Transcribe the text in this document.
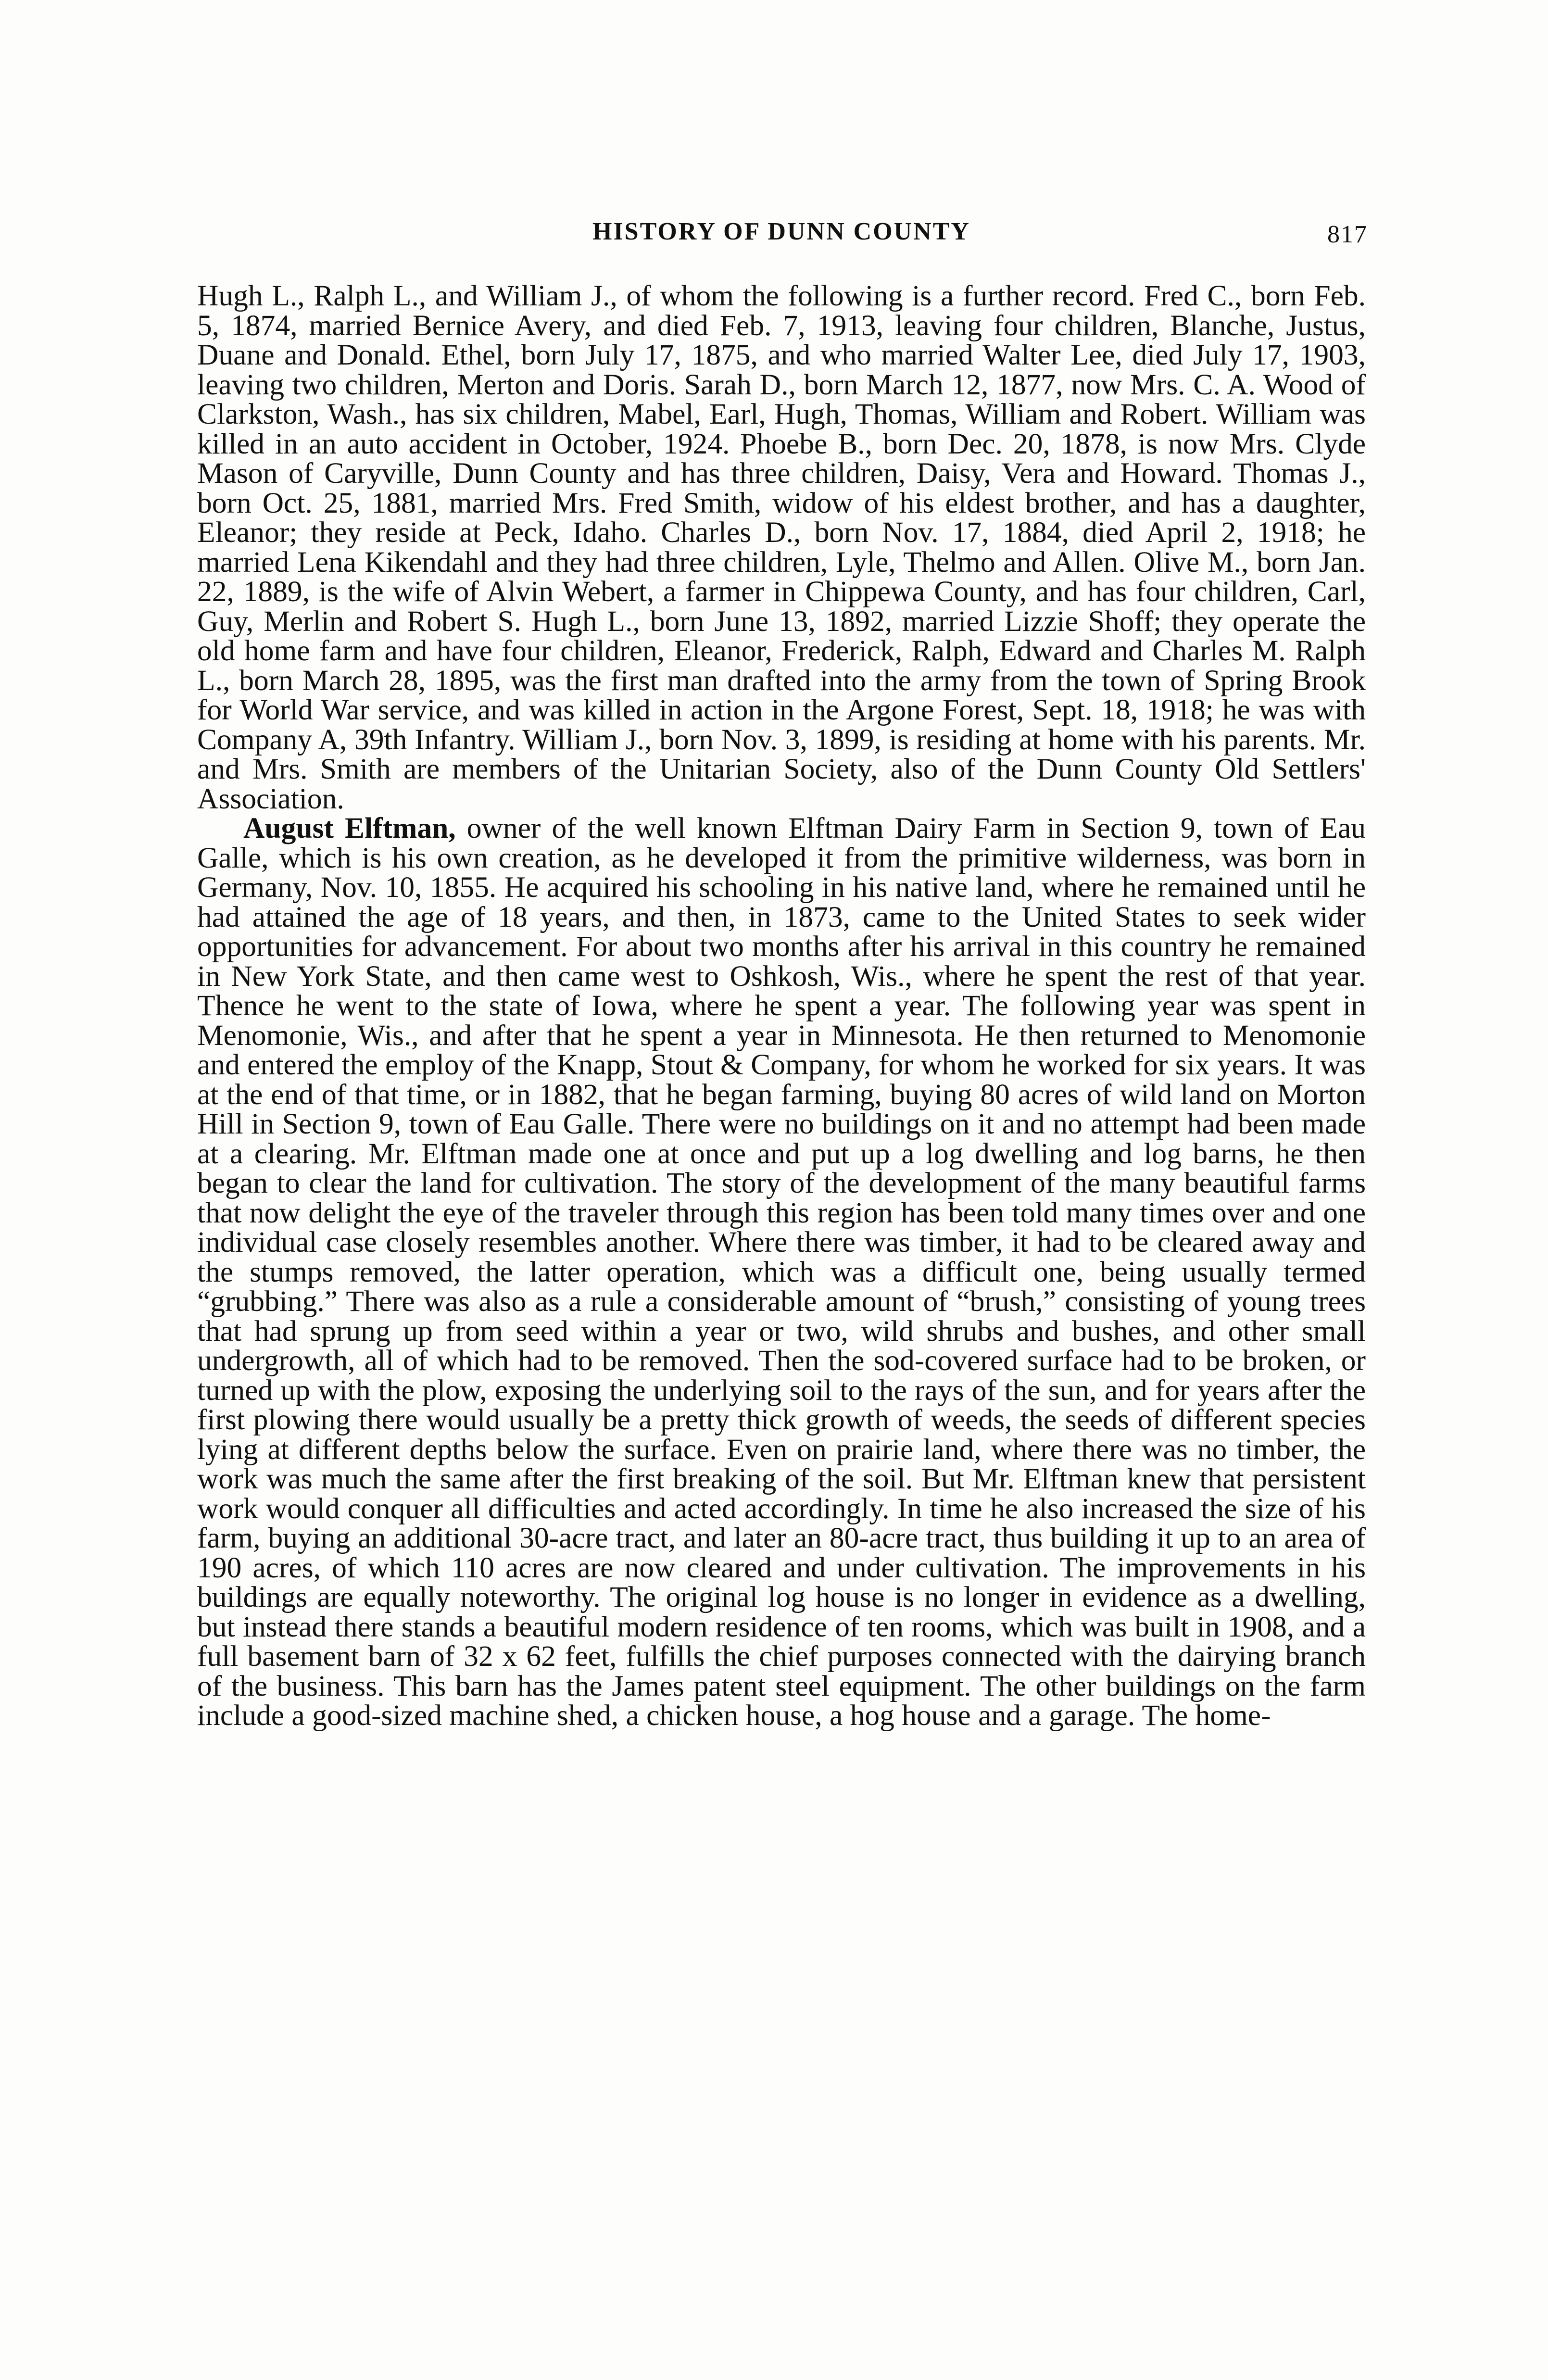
HISTORY OF DUNN COUNTY	817

Hugh L., Ralph L., and William J., of whom the following is a further record. Fred C., born Feb. 5, 1874, married Bernice Avery, and died Feb. 7, 1913, leaving four children, Blanche, Justus, Duane and Donald. Ethel, born July 17, 1875, and who married Walter Lee, died July 17, 1903, leaving two children, Merton and Doris. Sarah D., born March 12, 1877, now Mrs. C. A. Wood of Clarkston, Wash., has six children, Mabel, Earl, Hugh, Thomas, William and Robert. William was killed in an auto accident in October, 1924. Phoebe B., born Dec. 20, 1878, is now Mrs. Clyde Mason of Caryville, Dunn County and has three children, Daisy, Vera and Howard. Thomas J., born Oct. 25, 1881, married Mrs. Fred Smith, widow of his eldest brother, and has a daughter, Eleanor; they reside at Peck, Idaho. Charles D., born Nov. 17, 1884, died April 2, 1918; he married Lena Kikendahl and they had three children, Lyle, Thelmo and Allen. Olive M., born Jan. 22, 1889, is the wife of Alvin Webert, a farmer in Chippewa County, and has four children, Carl, Guy, Merlin and Robert S. Hugh L., born June 13, 1892, married Lizzie Shoff; they operate the old home farm and have four children, Eleanor, Frederick, Ralph, Edward and Charles M. Ralph L., born March 28, 1895, was the first man drafted into the army from the town of Spring Brook for World War service, and was killed in action in the Argone Forest, Sept. 18, 1918; he was with Company A, 39th Infantry. William J., born Nov. 3, 1899, is residing at home with his parents. Mr. and Mrs. Smith are members of the Unitarian Society, also of the Dunn County Old Settlers' Association.

August Elftman, owner of the well known Elftman Dairy Farm in Section 9, town of Eau Galle, which is his own creation, as he developed it from the primitive wilderness, was born in Germany, Nov. 10, 1855. He acquired his schooling in his native land, where he remained until he had attained the age of 18 years, and then, in 1873, came to the United States to seek wider opportunities for advancement. For about two months after his arrival in this country he remained in New York State, and then came west to Oshkosh, Wis., where he spent the rest of that year. Thence he went to the state of Iowa, where he spent a year. The following year was spent in Menomonie, Wis., and after that he spent a year in Minnesota. He then returned to Menomonie and entered the employ of the Knapp, Stout & Company, for whom he worked for six years. It was at the end of that time, or in 1882, that he began farming, buying 80 acres of wild land on Morton Hill in Section 9, town of Eau Galle. There were no buildings on it and no attempt had been made at a clearing. Mr. Elftman made one at once and put up a log dwelling and log barns, he then began to clear the land for cultivation. The story of the development of the many beautiful farms that now delight the eye of the traveler through this region has been told many times over and one individual case closely resembles another. Where there was timber, it had to be cleared away and the stumps removed, the latter operation, which was a difficult one, being usually termed “grubbing.” There was also as a rule a considerable amount of “brush,” consisting of young trees that had sprung up from seed within a year or two, wild shrubs and bushes, and other small undergrowth, all of which had to be removed. Then the sod-covered surface had to be broken, or turned up with the plow, exposing the underlying soil to the rays of the sun, and for years after the first plowing there would usually be a pretty thick growth of weeds, the seeds of different species lying at different depths below the surface. Even on prairie land, where there was no timber, the work was much the same after the first breaking of the soil. But Mr. Elftman knew that persistent work would conquer all difficulties and acted accordingly. In time he also increased the size of his farm, buying an additional 30-acre tract, and later an 80-acre tract, thus building it up to an area of 190 acres, of which 110 acres are now cleared and under cultivation. The improvements in his buildings are equally noteworthy. The original log house is no longer in evidence as a dwelling, but instead there stands a beautiful modern residence of ten rooms, which was built in 1908, and a full basement barn of 32 x 62 feet, fulfills the chief purposes connected with the dairying branch of the business. This barn has the James patent steel equipment. The other buildings on the farm include a good-sized machine shed, a chicken house, a hog house and a garage. The home-
